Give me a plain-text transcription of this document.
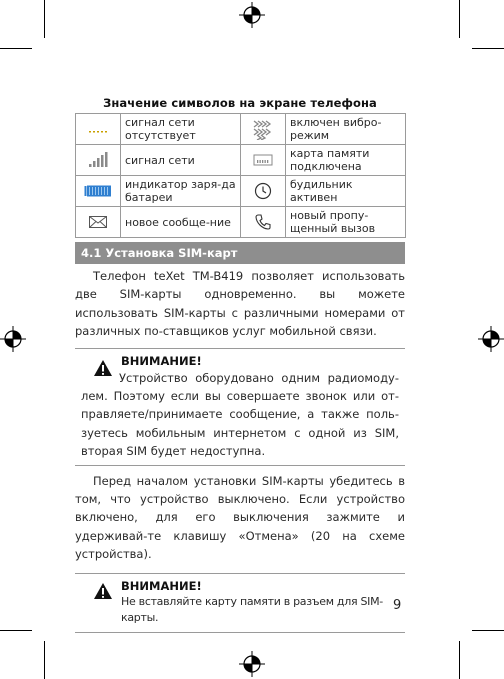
Значение символов на экране телефона
	сигнал сети отсутствует		включен вибро-режим

	сигнал сети		карта памяти подключена

	индикатор заря-да батареи		будильник активен

	новое сообще-ние		новый пропу-щенный вызов
4.1 Установка SIM-карт

Телефон teXet TM-B419 позволяет использовать две SIM-карты одновременно. вы можете использовать SIM-карты с различными номерами от различных по-ставщиков услуг мобильной связи.

ВНИМАНИЕ!
Устройство оборудовано одним радиомоду-лем. Поэтому если вы совершаете звонок или от-правляете/принимаете сообщение, а также поль-зуетесь мобильным интернетом с одной из SIM, вторая SIM будет недоступна.

Перед началом установки SIM-карты убедитесь в том, что устройство выключено. Если устройство включено, для его выключения зажмите и удерживай-те клавишу «Отмена» (20 на схеме устройства).

ВНИМАНИЕ!
Не вставляйте карту памяти в разъем для SIM-карты.
9
